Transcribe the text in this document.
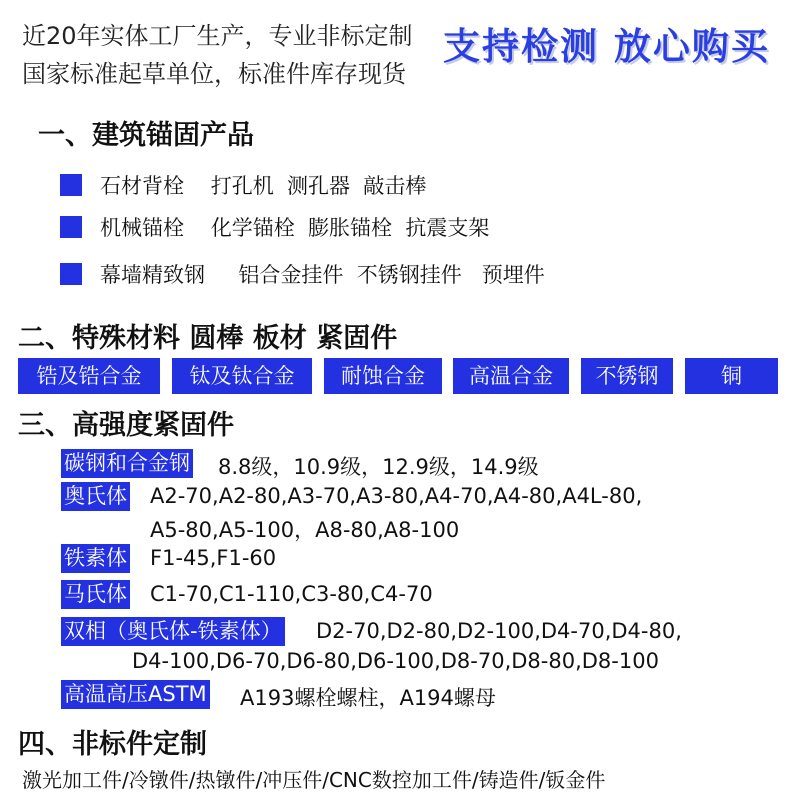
近20年实体工厂生产，专业非标定制
国家标准起草单位，标准件库存现货
支持检测 放心购买
一、建筑锚固产品
石材背栓    打孔机  测孔器  敲击棒
机械锚栓    化学锚栓  膨胀锚栓  抗震支架
幕墙精致钢     铝合金挂件  不锈钢挂件   预埋件
二、特殊材料 圆棒 板材 紧固件
锆及锆合金	钛及钛合金	耐蚀合金	高温合金	不锈钢	铜
三、高强度紧固件
碳钢和合金钢 8.8级，10.9级，12.9级，14.9级
奥氏体 A2-70,A2-80,A3-70,A3-80,A4-70,A4-80,A4L-80,
A5-80,A5-100，A8-80,A8-100
铁素体 F1-45,F1-60
马氏体 C1-70,C1-110,C3-80,C4-70
双相（奥氏体-铁素体） D2-70,D2-80,D2-100,D4-70,D4-80,
D4-100,D6-70,D6-80,D6-100,D8-70,D8-80,D8-100
高温高压ASTM A193螺栓螺柱，A194螺母
四、非标件定制
激光加工件/冷镦件/热镦件/冲压件/CNC数控加工件/铸造件/钣金件
